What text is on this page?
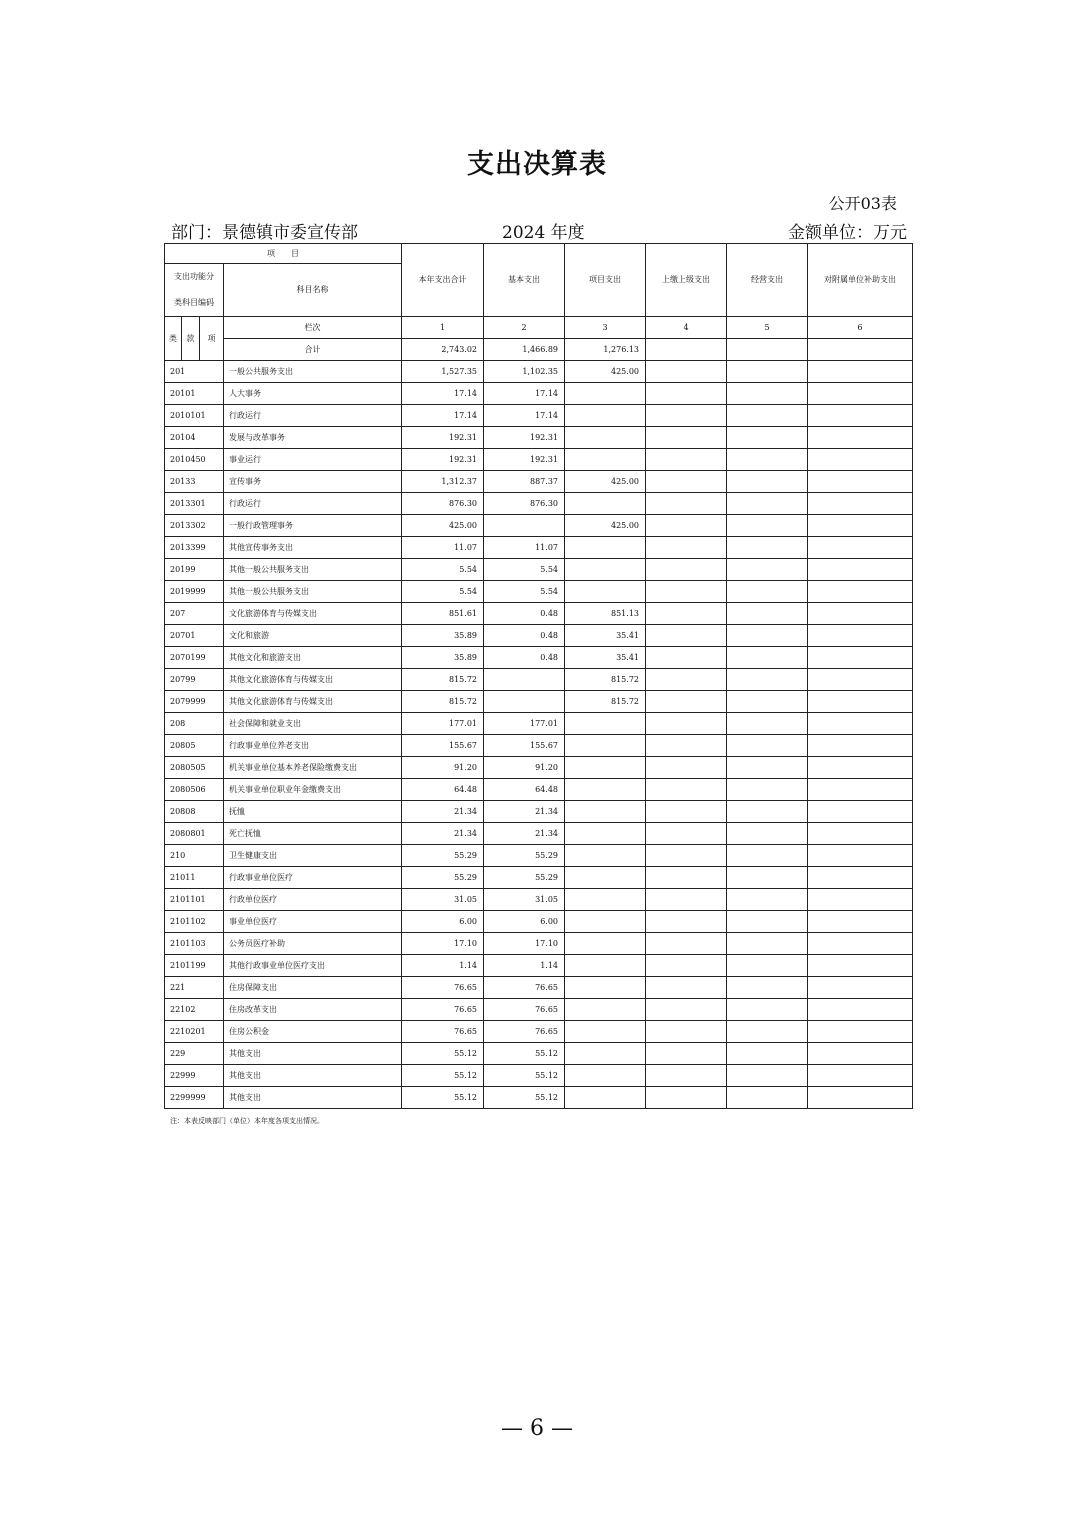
支出决算表
公开03表
部门：景德镇市委宣传部	2024 年度	金额单位：万元
项　　目				本年支出合计	基本支出	项目支出	上缴上级支出	经营支出	对附属单位补助支出

支出功能分
类科目编码			科目名称						

类	款	项	栏次	1	2	3	4	5	6
			合计	2,743.02	1,466.89	1,276.13			
201			一般公共服务支出	1,527.35	1,102.35	425.00			
20101			人大事务	17.14	17.14				
2010101			行政运行	17.14	17.14				
20104			发展与改革事务	192.31	192.31				
2010450			事业运行	192.31	192.31				
20133			宣传事务	1,312.37	887.37	425.00			
2013301			行政运行	876.30	876.30				
2013302			一般行政管理事务	425.00		425.00			
2013399			其他宣传事务支出	11.07	11.07				
20199			其他一般公共服务支出	5.54	5.54				
2019999			其他一般公共服务支出	5.54	5.54				
207			文化旅游体育与传媒支出	851.61	0.48	851.13			
20701			文化和旅游	35.89	0.48	35.41			
2070199			其他文化和旅游支出	35.89	0.48	35.41			
20799			其他文化旅游体育与传媒支出	815.72		815.72			
2079999			其他文化旅游体育与传媒支出	815.72		815.72			
208			社会保障和就业支出	177.01	177.01				
20805			行政事业单位养老支出	155.67	155.67				
2080505			机关事业单位基本养老保险缴费支出	91.20	91.20				
2080506			机关事业单位职业年金缴费支出	64.48	64.48				
20808			抚恤	21.34	21.34				
2080801			死亡抚恤	21.34	21.34				
210			卫生健康支出	55.29	55.29				
21011			行政事业单位医疗	55.29	55.29				
2101101			行政单位医疗	31.05	31.05				
2101102			事业单位医疗	6.00	6.00				
2101103			公务员医疗补助	17.10	17.10				
2101199			其他行政事业单位医疗支出	1.14	1.14				
221			住房保障支出	76.65	76.65				
22102			住房改革支出	76.65	76.65				
2210201			住房公积金	76.65	76.65				
229			其他支出	55.12	55.12				
22999			其他支出	55.12	55.12				
2299999			其他支出	55.12	55.12				
注：本表反映部门（单位）本年度各项支出情况。
— 6 —
